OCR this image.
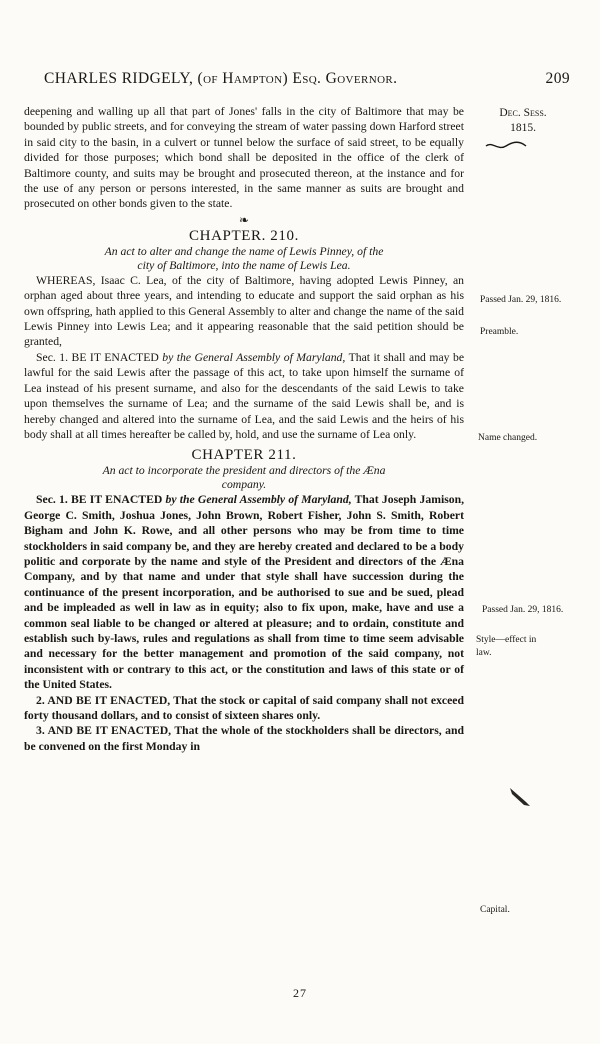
CHARLES RIDGELY, (of Hampton) Esq. Governor.	209
Dec. Sess.
1815.
Passed Jan. 29, 1816.
Preamble.
Name changed.
Passed Jan. 29, 1816.
Style—effect in law.
Capital.

deepening and walling up all that part of Jones' falls in the city of Baltimore that may be bounded by public streets, and for conveying the stream of water passing down Harford street in said city to the basin, in a culvert or tunnel below the surface of said street, to be equally divided for those purposes; which bond shall be deposited in the office of the clerk of Baltimore county, and suits may be brought and prosecuted thereon, at the instance and for the use of any person or persons interested, in the same manner as suits are brought and prosecuted on other bonds given to the state.

❧

CHAPTER. 210.

An act to alter and change the name of Lewis Pinney, of the

city of Baltimore, into the name of Lewis Lea.

WHEREAS, Isaac C. Lea, of the city of Baltimore, having adopted Lewis Pinney, an orphan aged about three years, and intending to educate and support the said orphan as his own offspring, hath applied to this General Assembly to alter and change the name of the said Lewis Pinney into Lewis Lea; and it appearing reasonable that the said petition should be granted,

Sec. 1. BE IT ENACTED by the General Assembly of Maryland, That it shall and may be lawful for the said Lewis after the passage of this act, to take upon himself the surname of Lea instead of his present surname, and also for the descendants of the said Lewis to take upon themselves the surname of Lea; and the surname of the said Lewis shall be, and is hereby changed and altered into the surname of Lea, and the said Lewis and the heirs of his body shall at all times hereafter be called by, hold, and use the surname of Lea only.

CHAPTER 211.

An act to incorporate the president and directors of the Æna

company.

Sec. 1. BE IT ENACTED by the General Assembly of Maryland, That Joseph Jamison, George C. Smith, Joshua Jones, John Brown, Robert Fisher, John S. Smith, Robert Bigham and John K. Rowe, and all other persons who may be from time to time stockholders in said company be, and they are hereby created and declared to be a body politic and corporate by the name and style of the President and directors of the Æna Company, and by that name and under that style shall have succession during the continuance of the present incorporation, and be authorised to sue and be sued, plead and be impleaded as well in law as in equity; also to fix upon, make, have and use a common seal liable to be changed or altered at pleasure; and to ordain, constitute and establish such by-laws, rules and regulations as shall from time to time seem advisable and necessary for the better management and promotion of the said company, not inconsistent with or contrary to this act, or the constitution and laws of this state or of the United States.

2. AND BE IT ENACTED, That the stock or capital of said company shall not exceed forty thousand dollars, and to consist of sixteen shares only.

3. AND BE IT ENACTED, That the whole of the stockholders shall be directors, and be convened on the first Monday in

27
